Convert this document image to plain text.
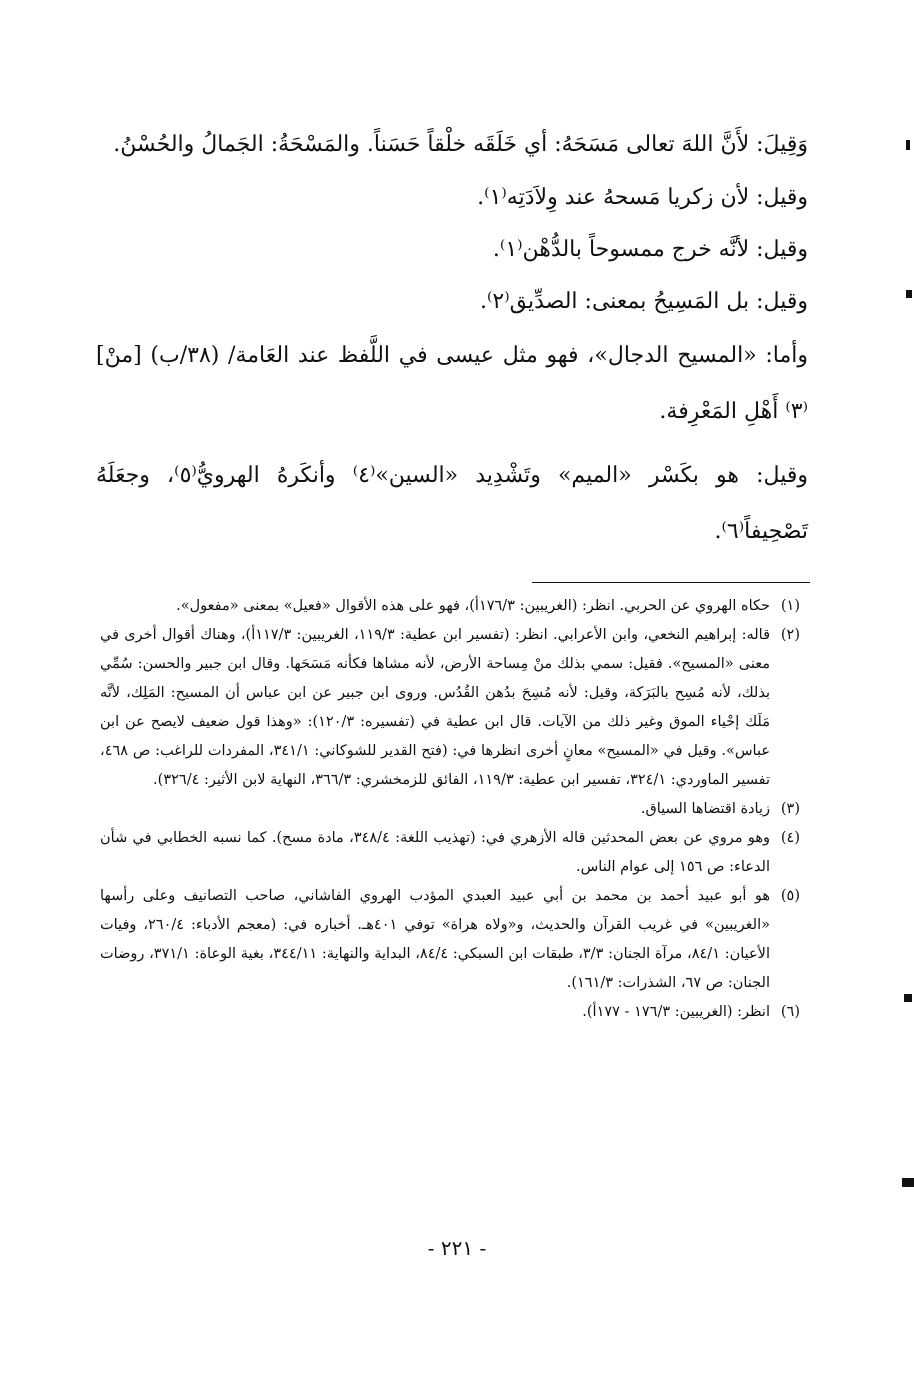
وَقِيلَ: لأَنَّ اللهَ تعالى مَسَحَهُ: أي خَلَقَه خلْقاً حَسَناً. والمَسْحَةُ: الجَمالُ والحُسْنُ.

وقيل: لأن زكريا مَسحهُ عند وِلاَدَتِه⁽١⁾.

وقيل: لأنَّه خرج ممسوحاً بالدُّهْن⁽١⁾.

وقيل: بل المَسِيحُ بمعنى: الصدِّيق⁽٢⁾.

وأما: «المسيح الدجال»، فهو مثل عيسى في اللَّفظ عند العَامة/ (٣٨/ب) [منْ]⁽٣⁾ أَهْلِ المَعْرِفة.

وقيل: هو بكَسْر «الميم» وتَشْدِيد «السين»⁽٤⁾ وأنكَرهُ الهرويُّ⁽٥⁾، وجعَلَهُ تَصْحِيفاً⁽٦⁾.

(١)
حكاه الهروي عن الحربي. انظر: (الغريبين: ١٧٦/٣أ)، فهو على هذه الأقوال «فعيل» بمعنى «مفعول».
(٢)
قاله: إبراهيم النخعي، وابن الأعرابي. انظر: (تفسير ابن عطية: ١١٩/٣، الغريبين: ١١٧/٣أ)، وهناك أقوال أخرى في معنى «المسيح». فقيل: سمي بذلك منْ مِساحة الأرض، لأنه مشاها فكأنه مَسَحَها. وقال ابن جبير والحسن: سُمِّي بذلك، لأنه مُسِح بالبَرَكة، وقيل: لأنه مُسِحَ بدُهن القُدُس. وروى ابن جبير عن ابن عباس أن المسيح: المَلِك، لأنَّه مَلَك إحْياء الموق وغير ذلك من الآيات. قال ابن عطية في (تفسيره: ١٢٠/٣): «وهذا قول ضعيف لايصح عن ابن عباس». وقيل في «المسيح» معانٍ أخرى انظرها في: (فتح القدير للشوكاني: ٣٤١/١، المفردات للراغب: ص ٤٦٨، تفسير الماوردي: ٣٢٤/١، تفسير ابن عطية: ١١٩/٣، الفائق للزمخشري: ٣٦٦/٣، النهاية لابن الأثير: ٣٢٦/٤).
(٣)
زيادة اقتضاها السياق.
(٤)
وهو مروي عن بعض المحدثين قاله الأزهري في: (تهذيب اللغة: ٣٤٨/٤، مادة مسح). كما نسبه الخطابي في شأن الدعاء: ص ١٥٦ إلى عوام الناس.
(٥)
هو أبو عبيد أحمد بن محمد بن أبي عبيد العبدي المؤدب الهروي الفاشاني، صاحب التصانيف وعلى رأسها «الغريبين» في غريب القرآن والحديث، و«ولاه هراة» توفي ٤٠١هـ. أخباره في: (معجم الأدباء: ٢٦٠/٤، وفيات الأعيان: ٨٤/١، مرآة الجنان: ٣/٣، طبقات ابن السبكي: ٨٤/٤، البداية والنهاية: ٣٤٤/١١، بغية الوعاة: ٣٧١/١، روضات الجنان: ص ٦٧، الشذرات: ١٦١/٣).
(٦)
انظر: (الغريبين: ١٧٦/٣ - ١٧٧أ).
- ٢٢١ -
